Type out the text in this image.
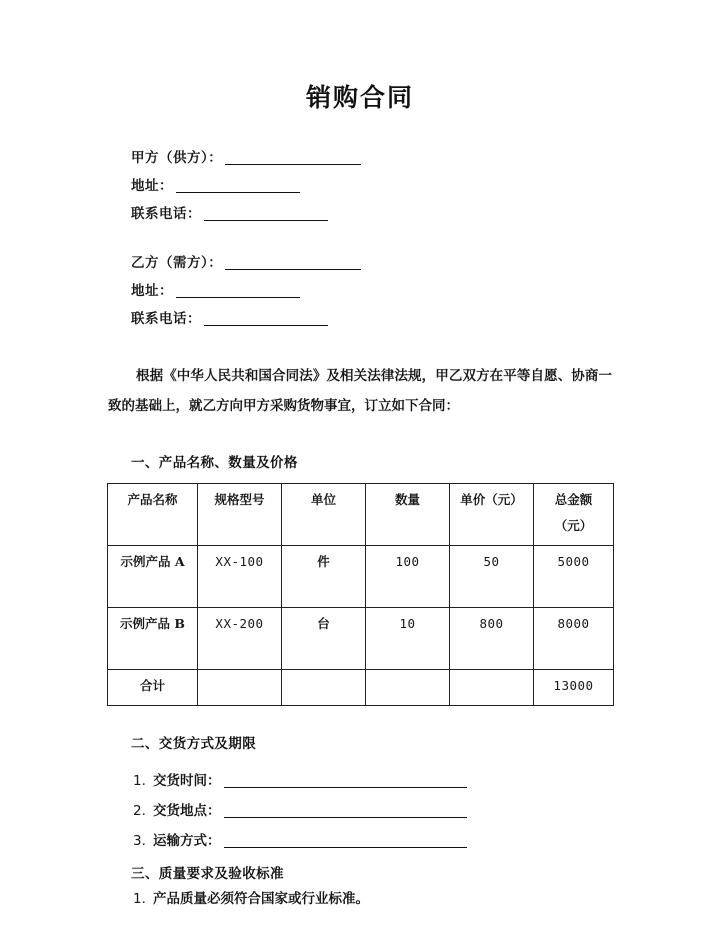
销购合同
甲方（供方）：
地址：
联系电话：
乙方（需方）：
地址：
联系电话：

根据《中华人民共和国合同法》及相关法律法规，甲乙双方在平等自愿、协商一致的基础上，就乙方向甲方采购货物事宜，订立如下合同：

一、产品名称、数量及价格
产品名称	规格型号	单位	数量	单价（元）	总金额（元）
示例产品 A	XX-100	件	100	50	5000
示例产品 B	XX-200	台	10	800	8000
合计					13000
二、交货方式及期限
1. 交货时间：
2. 交货地点：
3. 运输方式：
三、质量要求及验收标准
1. 产品质量必须符合国家或行业标准。
